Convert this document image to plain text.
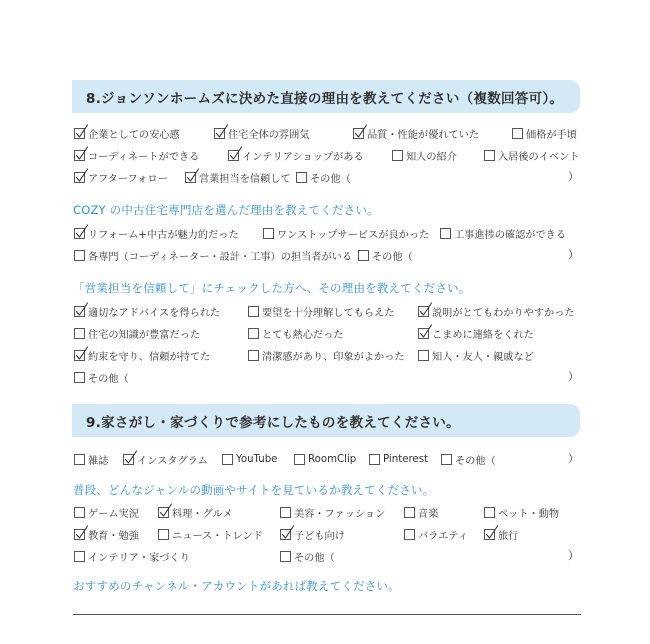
8.ジョンソンホームズに決めた直接の理由を教えてください（複数回答可）。
企業としての安心感	住宅全体の雰囲気	品質・性能が優れていた	価格が手頃
コーディネートができる	インテリアショップがある	知人の紹介	入居後のイベント
アフターフォロー	営業担当を信頼して その他（	）
COZY の中古住宅専門店を選んだ理由を教えてください。
リフォーム+中古が魅力的だった	ワンストップサービスが良かった 工事進捗の確認ができる
各専門（コーディネーター・設計・工事）の担当者がいる その他（	）
「営業担当を信頼して」にチェックした方へ、その理由を教えてください。
適切なアドバイスを得られた	要望を十分理解してもらえた	説明がとてもわかりやすかった
住宅の知識が豊富だった	とても熱心だった	こまめに連絡をくれた
約束を守り、信頼が持てた	清潔感があり、印象がよかった	知人・友人・親戚など
その他（	）
9.家さがし・家づくりで参考にしたものを教えてください。
雑誌	インスタグラム	YouTube	RoomClip	Pinterest	その他（	）
普段、どんなジャンルの動画やサイトを見ているか教えてください。
ゲーム実況	料理・グルメ	美容・ファッション	音楽	ペット・動物
教育・勉強	ニュース・トレンド	子ども向け	バラエティ	旅行
インテリア・家づくり	その他（	）
おすすめのチャンネル・アカウントがあれば教えてください。
